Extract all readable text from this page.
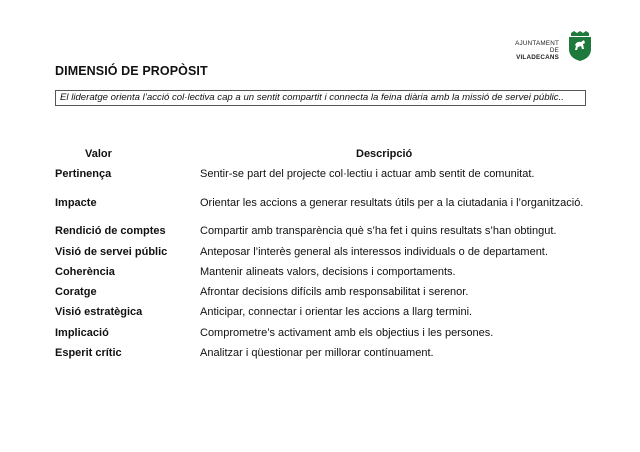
AJUNTAMENT DE
VILADECANS
DIMENSIÓ DE PROPÒSIT
El lideratge orienta l’acció col·lectiva cap a un sentit compartit i connecta la feina diària amb la missió de servei públic..
Valor	Descripció
Pertinença	Sentir-se part del projecte col·lectiu i actuar amb sentit de comunitat.
Impacte	Orientar les accions a generar resultats útils per a la ciutadania i l’organització.
Rendició de comptes	Compartir amb transparència què s’ha fet i quins resultats s’han obtingut.
Visió de servei públic	Anteposar l’interès general als interessos individuals o de departament.
Coherència	Mantenir alineats valors, decisions i comportaments.
Coratge	Afrontar decisions difícils amb responsabilitat i serenor.
Visió estratègica	Anticipar, connectar i orientar les accions a llarg termini.
Implicació	Comprometre’s activament amb els objectius i les persones.
Esperit crític	Analitzar i qüestionar per millorar contínuament.
